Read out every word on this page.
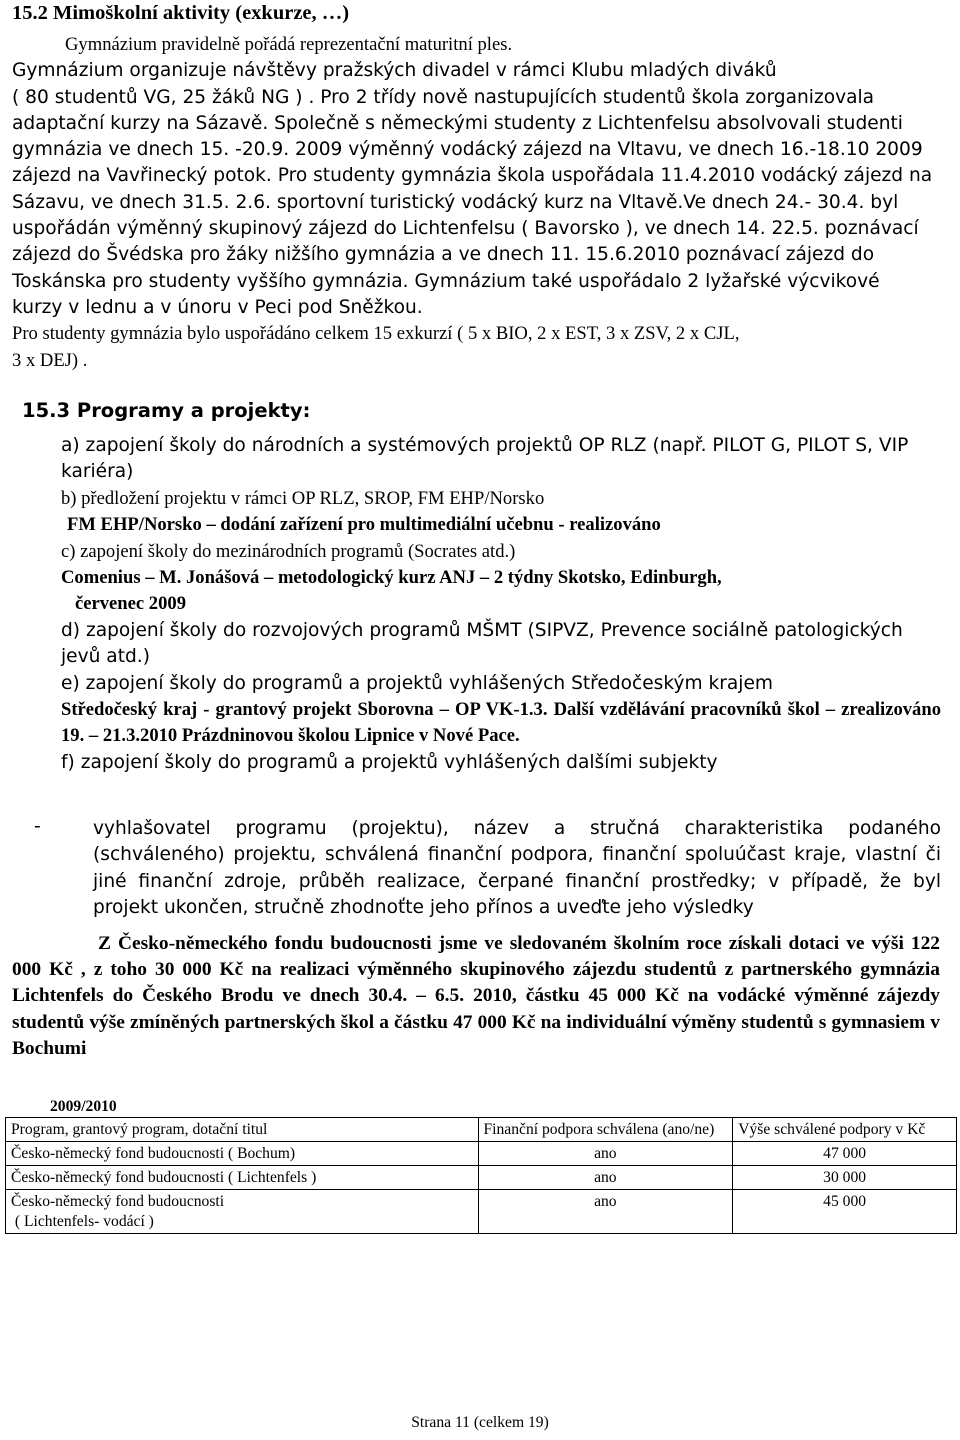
15.2 Mimoškolní aktivity (exkurze, …)
Gymnázium pravidelně pořádá reprezentační maturitní ples.
Gymnázium organizuje návštěvy pražských divadel v rámci Klubu mladých diváků
( 80 studentů VG, 25 žáků NG ) . Pro 2 třídy nově nastupujících studentů škola zorganizovala
adaptační kurzy na Sázavě. Společně s německými studenty z Lichtenfelsu absolvovali studenti
gymnázia ve dnech 15. -20.9. 2009 výměnný vodácký zájezd na Vltavu, ve dnech 16.-18.10 2009
zájezd na Vavřinecký potok. Pro studenty gymnázia škola uspořádala 11.4.2010 vodácký zájezd na
Sázavu, ve dnech 31.5. 2.6. sportovní turistický vodácký kurz na Vltavě.Ve dnech 24.- 30.4. byl
uspořádán výměnný skupinový zájezd do Lichtenfelsu ( Bavorsko ), ve dnech 14. 22.5. poznávací
zájezd do Švédska pro žáky nižšího gymnázia a ve dnech 11. 15.6.2010 poznávací zájezd do
Toskánska pro studenty vyššího gymnázia. Gymnázium také uspořádalo 2 lyžařské výcvikové
kurzy v lednu a v únoru v Peci pod Sněžkou.
Pro studenty gymnázia bylo uspořádáno celkem 15 exkurzí ( 5 x BIO, 2 x EST, 3 x ZSV, 2 x CJL,
3 x DEJ) .
15.3 Programy a projekty:
a) zapojení školy do národních a systémových projektů OP RLZ (např. PILOT G, PILOT S, VIP kariéra)
b) předložení projektu v rámci OP RLZ, SROP, FM EHP/Norsko
FM EHP/Norsko – dodání zařízení pro multimediální učebnu - realizováno
c) zapojení školy do mezinárodních programů (Socrates atd.)
Comenius – M. Jonášová – metodologický kurz ANJ – 2 týdny Skotsko, Edinburgh,
červenec 2009
d) zapojení školy do rozvojových programů MŠMT (SIPVZ, Prevence sociálně patologických jevů atd.)
e) zapojení školy do programů a projektů vyhlášených Středočeským krajem
Středočeský kraj - grantový projekt Sborovna – OP VK-1.3. Další vzdělávání pracovníků škol – zrealizováno 19. – 21.3.2010 Prázdninovou školou Lipnice v Nové Pace.
f) zapojení školy do programů a projektů vyhlášených dalšími subjekty
-	vyhlašovatel programu (projektu), název a stručná charakteristika podaného (schváleného) projektu, schválená finanční podpora, finanční spoluúčast kraje, vlastní či jiné finanční zdroje, průběh realizace, čerpané finanční prostředky; v případě, že byl projekt ukončen, stručně zhodnoťte jeho přínos a uveďte jeho výsledky
Z Česko-německého fondu budoucnosti jsme ve sledovaném školním roce získali dotaci ve výši 122 000 Kč , z toho 30 000 Kč na realizaci výměnného skupinového zájezdu studentů z partnerského gymnázia Lichtenfels do Českého Brodu ve dnech 30.4. – 6.5. 2010, částku 45 000 Kč na vodácké výměnné zájezdy studentů výše zmíněných partnerských škol a částku 47 000 Kč na individuální výměny studentů s gymnasiem v Bochumi
2009/2010
Program, grantový program, dotační titul	Finanční podpora schválena (ano/ne)	Výše schválené podpory v Kč
Česko-německý fond budoucnosti ( Bochum)	ano	47 000
Česko-německý fond budoucnosti ( Lichtenfels )	ano	30 000

Česko-německý fond budoucnosti
( Lichtenfels- vodácí )	ano	45 000
Strana 11 (celkem 19)
